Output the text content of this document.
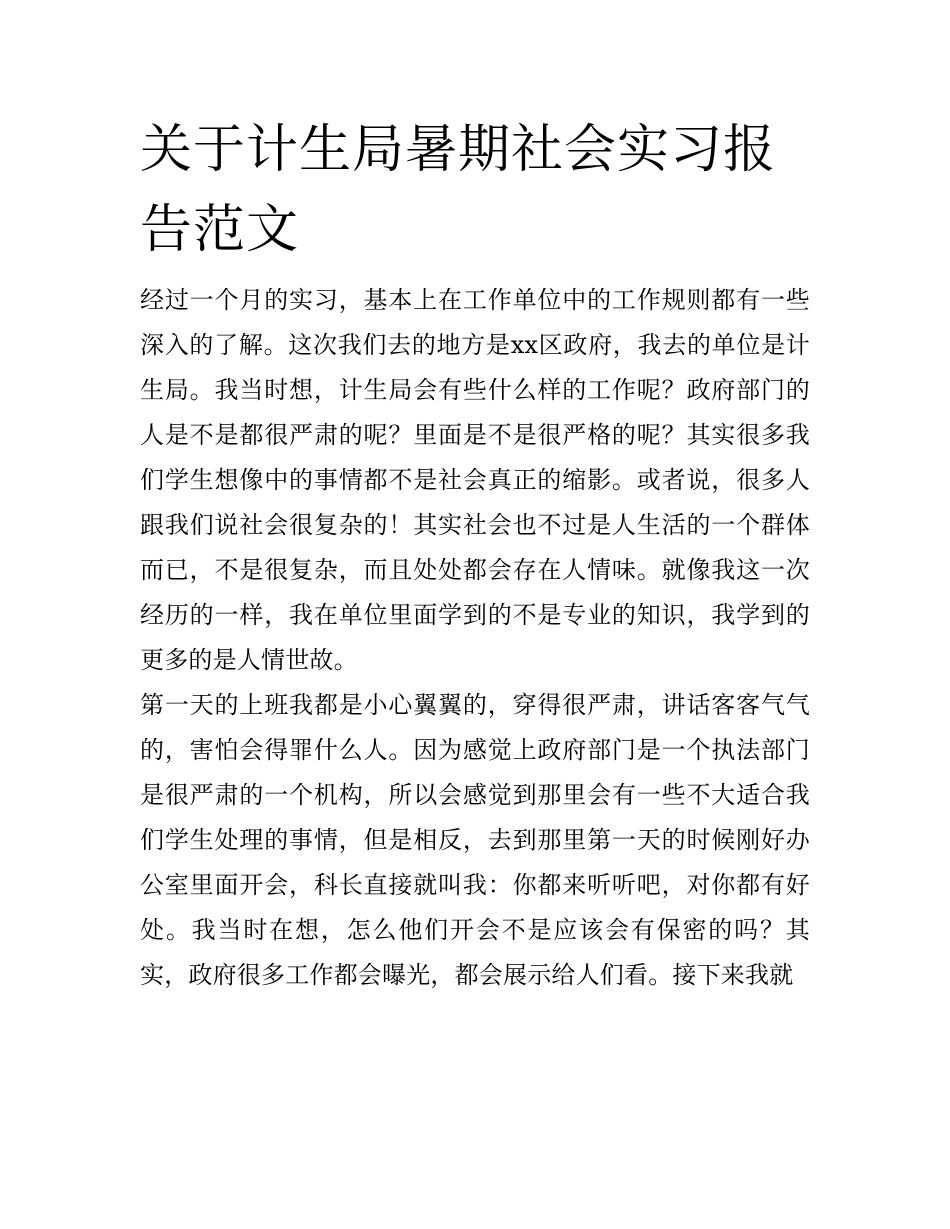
关于计生局暑期社会实习报告范文

经过一个月的实习，基本上在工作单位中的工作规则都有一些深入的了解。这次我们去的地方是xx区政府，我去的单位是计生局。我当时想，计生局会有些什么样的工作呢？政府部门的人是不是都很严肃的呢？里面是不是很严格的呢？其实很多我们学生想像中的事情都不是社会真正的缩影。或者说，很多人跟我们说社会很复杂的！其实社会也不过是人生活的一个群体而已，不是很复杂，而且处处都会存在人情味。就像我这一次经历的一样，我在单位里面学到的不是专业的知识，我学到的更多的是人情世故。

第一天的上班我都是小心翼翼的，穿得很严肃，讲话客客气气的，害怕会得罪什么人。因为感觉上政府部门是一个执法部门是很严肃的一个机构，所以会感觉到那里会有一些不大适合我们学生处理的事情，但是相反，去到那里第一天的时候刚好办公室里面开会，科长直接就叫我：你都来听听吧，对你都有好处。我当时在想，怎么他们开会不是应该会有保密的吗？其实，政府很多工作都会曝光，都会展示给人们看。接下来我就
